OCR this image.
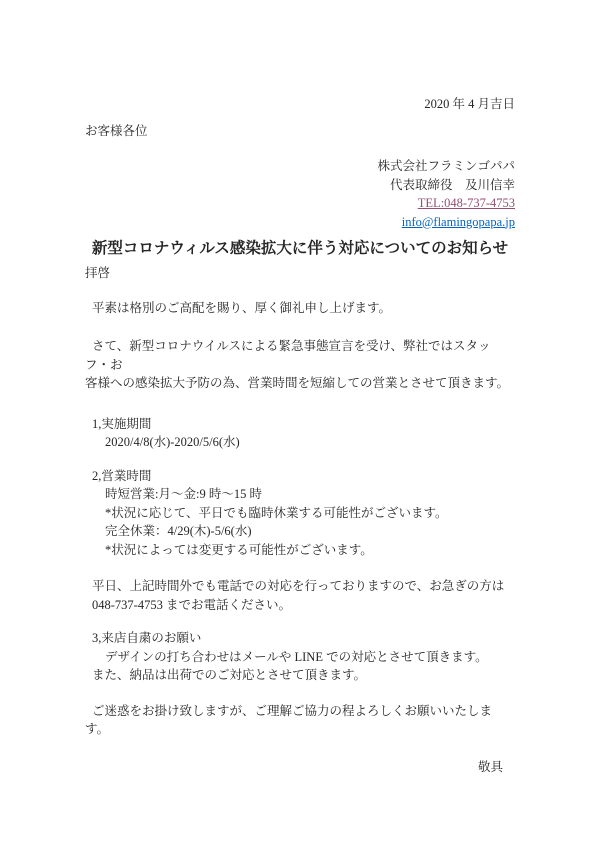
2020 年 4 月吉日
お客様各位
株式会社フラミンゴパパ
代表取締役　及川信幸
TEL:048-737-4753
info@flamingopapa.jp
新型コロナウィルス感染拡大に伴う対応についてのお知らせ
拝啓
平素は格別のご高配を賜り、厚く御礼申し上げます。
さて、新型コロナウイルスによる緊急事態宣言を受け、弊社ではスタッフ・お
客様への感染拡大予防の為、営業時間を短縮しての営業とさせて頂きます。
1,実施期間
2020/4/8(水)-2020/5/6(水)
2,営業時間
時短営業:月〜金:9 時〜15 時
*状況に応じて、平日でも臨時休業する可能性がございます。
完全休業：4/29(木)-5/6(水)
*状況によっては変更する可能性がございます。
平日、上記時間外でも電話での対応を行っておりますので、お急ぎの方は
048-737-4753 までお電話ください。
3,来店自粛のお願い
デザインの打ち合わせはメールや LINE での対応とさせて頂きます。
また、納品は出荷でのご対応とさせて頂きます。
ご迷惑をお掛け致しますが、ご理解ご協力の程よろしくお願いいたします。
敬具
